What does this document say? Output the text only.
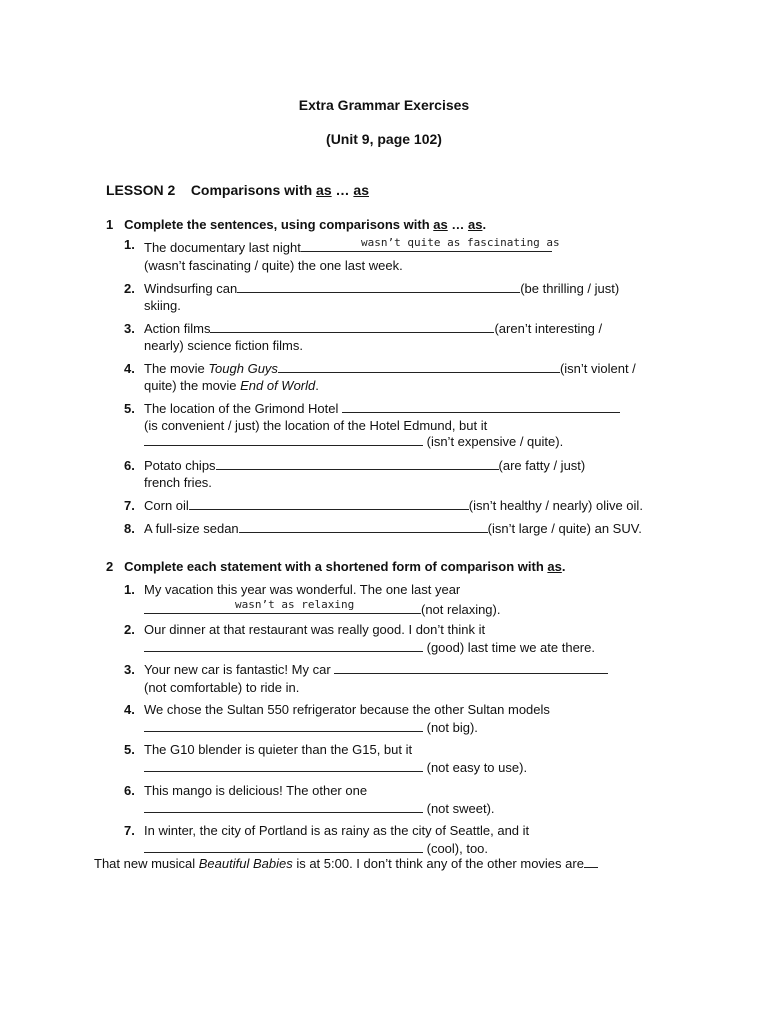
Extra Grammar Exercises
(Unit 9, page 102)
LESSON 2 Comparisons with as … as
1 Complete the sentences, using comparisons with as … as.
1. The documentary last night	wasn’t quite as fascinating as
(wasn’t fascinating / quite) the one last week.
2. Windsurfing can	(be thrilling / just)
skiing.
3. Action films	(aren’t interesting /
nearly) science fiction films.
4. The movie Tough Guys	(isn’t violent /
quite) the movie End of World.
5. The location of the Grimond Hotel
(is convenient / just) the location of the Hotel Edmund, but it
(isn’t expensive / quite).
6. Potato chips	(are fatty / just)
french fries.
7. Corn oil	(isn’t healthy / nearly) olive oil.
8. A full-size sedan	(isn’t large / quite) an SUV.
2 Complete each statement with a shortened form of comparison with as.
1. My vacation this year was wonderful. The one last year
(not relaxing).
wasn’t as relaxing
2. Our dinner at that restaurant was really good. I don’t think it
(good) last time we ate there.
3. Your new car is fantastic! My car
(not comfortable) to ride in.
4. We chose the Sultan 550 refrigerator because the other Sultan models
(not big).
5. The G10 blender is quieter than the G15, but it
(not easy to use).
6. This mango is delicious! The other one
(not sweet).
7. In winter, the city of Portland is as rainy as the city of Seattle, and it
(cool), too.
That new musical Beautiful Babies is at 5:00. I don’t think any of the other movies are
